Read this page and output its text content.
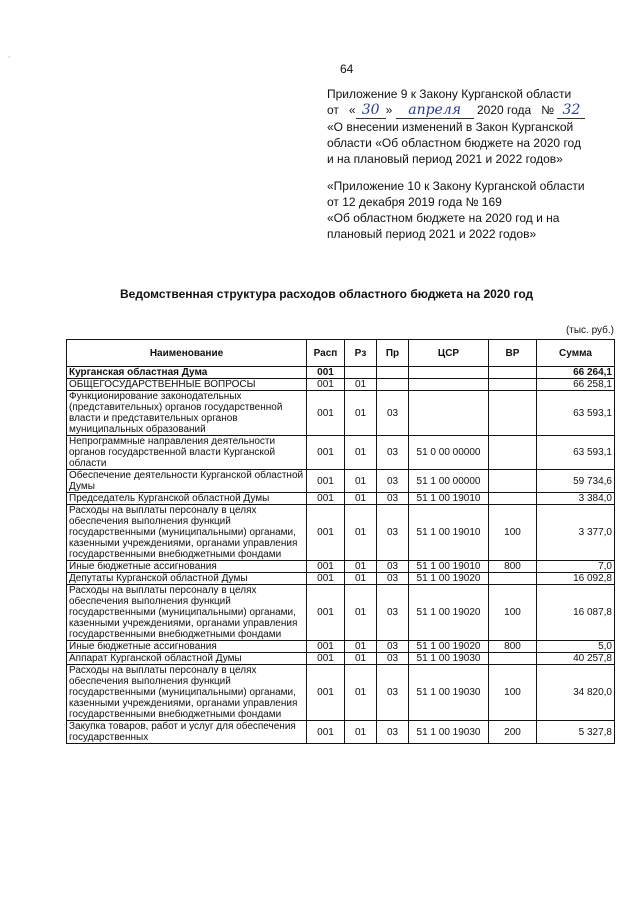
,
64
Приложение 9 к Закону Курганской области
от « 30 » апреля 2020 года № 32
«О внесении изменений в Закон Курганской
области «Об областном бюджете на 2020 год
и на плановый период 2021 и 2022 годов»
«Приложение 10 к Закону Курганской области
от 12 декабря 2019 года № 169
«Об областном бюджете на 2020 год и на
плановый период 2021 и 2022 годов»
Ведомственная структура расходов областного бюджета на 2020 год
(тыс. руб.)
Наименование	Расп	Рз	Пр	ЦСР	ВР	Сумма
Курганская областная Дума	001					66 264,1
ОБЩЕГОСУДАРСТВЕННЫЕ ВОПРОСЫ	001	01				66 258,1
Функционирование законодательных (представительных) органов государственной власти и представительных органов муниципальных образований	001	01	03			63 593,1
Непрограммные направления деятельности органов государственной власти Курганской области	001	01	03	51 0 00 00000		63 593,1
Обеспечение деятельности Курганской областной Думы	001	01	03	51 1 00 00000		59 734,6
Председатель Курганской областной Думы	001	01	03	51 1 00 19010		3 384,0
Расходы на выплаты персоналу в целях обеспечения выполнения функций государственными (муниципальными) органами, казенными учреждениями, органами управления государственными внебюджетными фондами	001	01	03	51 1 00 19010	100	3 377,0
Иные бюджетные ассигнования	001	01	03	51 1 00 19010	800	7,0
Депутаты Курганской областной Думы	001	01	03	51 1 00 19020		16 092,8
Расходы на выплаты персоналу в целях обеспечения выполнения функций государственными (муниципальными) органами, казенными учреждениями, органами управления государственными внебюджетными фондами	001	01	03	51 1 00 19020	100	16 087,8
Иные бюджетные ассигнования	001	01	03	51 1 00 19020	800	5,0
Аппарат Курганской областной Думы	001	01	03	51 1 00 19030		40 257,8
Расходы на выплаты персоналу в целях обеспечения выполнения функций государственными (муниципальными) органами, казенными учреждениями, органами управления государственными внебюджетными фондами	001	01	03	51 1 00 19030	100	34 820,0
Закупка товаров, работ и услуг для обеспечения государственных	001	01	03	51 1 00 19030	200	5 327,8
